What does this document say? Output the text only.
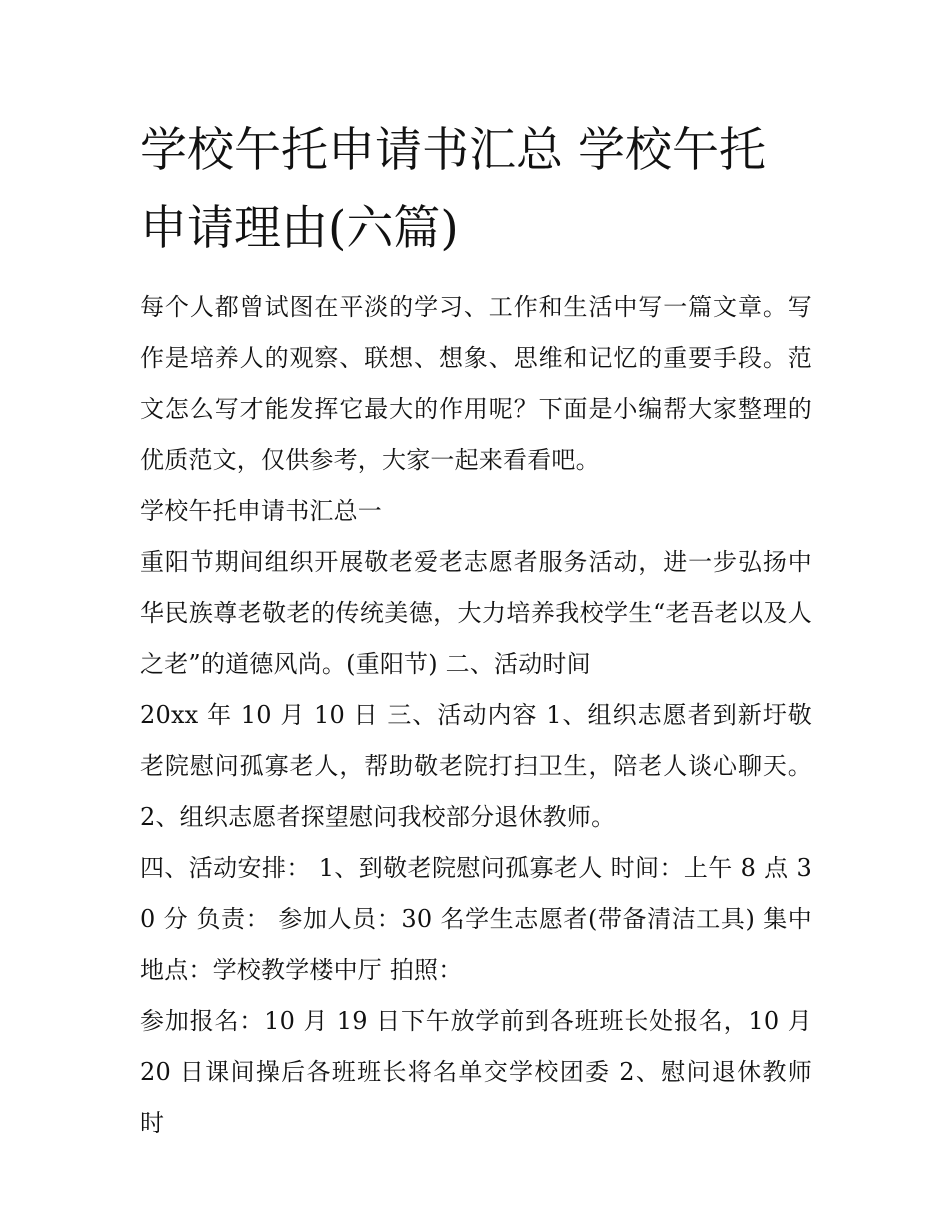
学校午托申请书汇总 学校午托申请理由(六篇)

每个人都曾试图在平淡的学习、工作和生活中写一篇文章。写作是培养人的观察、联想、想象、思维和记忆的重要手段。范文怎么写才能发挥它最大的作用呢？下面是小编帮大家整理的优质范文，仅供参考，大家一起来看看吧。

学校午托申请书汇总一

重阳节期间组织开展敬老爱老志愿者服务活动，进一步弘扬中华民族尊老敬老的传统美德，大力培养我校学生“老吾老以及人之老”的道德风尚。(重阳节) 二、活动时间

20xx 年 10 月 10 日 三、活动内容 1、组织志愿者到新圩敬老院慰问孤寡老人，帮助敬老院打扫卫生，陪老人谈心聊天。 2、组织志愿者探望慰问我校部分退休教师。

四、活动安排： 1、到敬老院慰问孤寡老人 时间：上午 8 点 30 分 负责： 参加人员：30 名学生志愿者(带备清洁工具) 集中地点：学校教学楼中厅 拍照：

参加报名：10 月 19 日下午放学前到各班班长处报名，10 月 20 日课间操后各班班长将名单交学校团委 2、慰问退休教师 时
